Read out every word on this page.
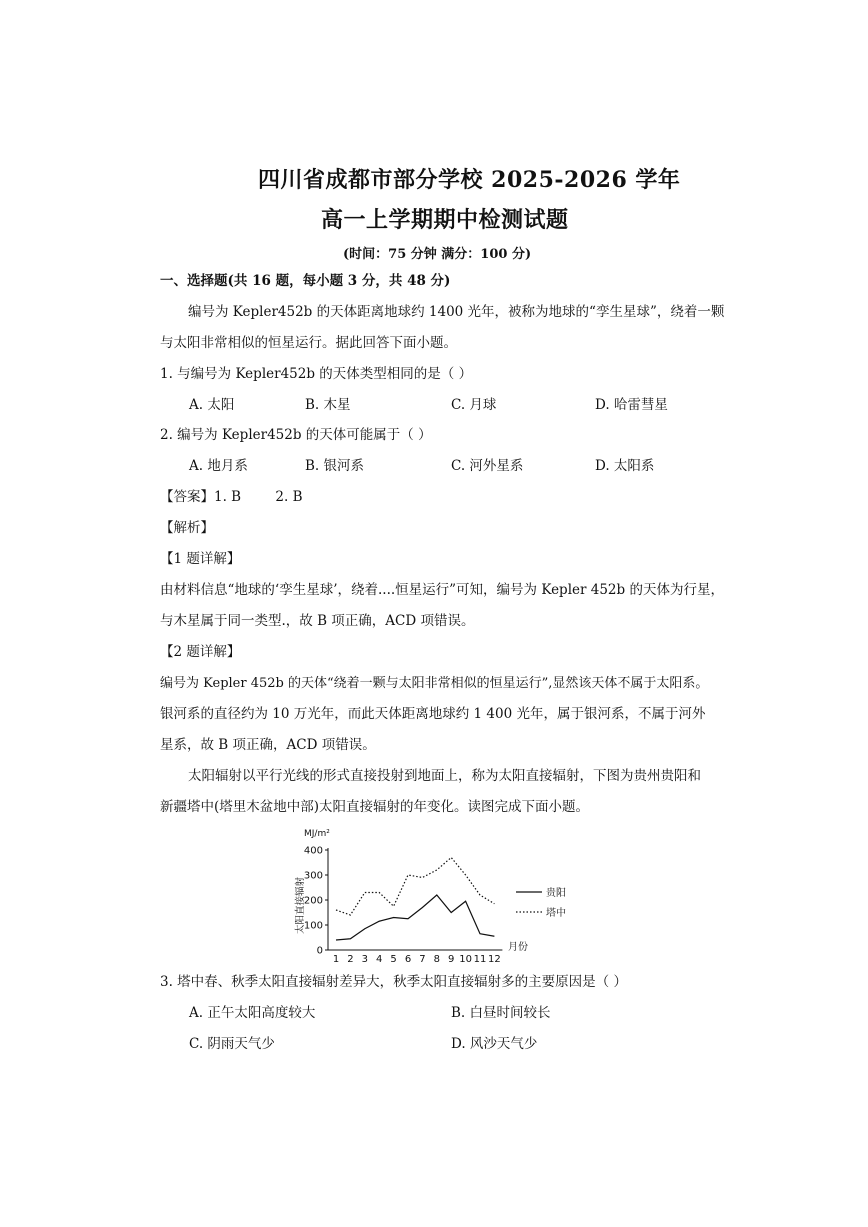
四川省成都市部分学校 2025-2026 学年
高一上学期期中检测试题
(时间：75 分钟 满分：100 分)
一、选择题(共 16 题，每小题 3 分，共 48 分)
编号为 Kepler452b 的天体距离地球约 1400 光年，被称为地球的“孪生星球”，绕着一颗
与太阳非常相似的恒星运行。据此回答下面小题。
1. 与编号为 Kepler452b 的天体类型相同的是（ ）
A. 太阳	B. 木星	C. 月球	D. 哈雷彗星
2. 编号为 Kepler452b 的天体可能属于（ ）
A. 地月系	B. 银河系	C. 河外星系	D. 太阳系
【答案】1. B        2. B
【解析】
【1 题详解】
由材料信息“地球的‘孪生星球’，绕着....恒星运行”可知，编号为 Kepler 452b 的天体为行星，
与木星属于同一类型.，故 B 项正确，ACD 项错误。
【2 题详解】
编号为 Kepler 452b 的天体“绕着一颗与太阳非常相似的恒星运行”,显然该天体不属于太阳系。
银河系的直径约为 10 万光年，而此天体距离地球约 1 400 光年，属于银河系，不属于河外
星系，故 B 项正确，ACD 项错误。
太阳辐射以平行光线的形式直接投射到地面上，称为太阳直接辐射，下图为贵州贵阳和
新疆塔中(塔里木盆地中部)太阳直接辐射的年变化。读图完成下面小题。
MJ/m²
太阳直接辐射
0
100
200
300
400
1 2 3 4 5 6 7 8 9 10 11 12
月份
贵阳
塔中
3. 塔中春、秋季太阳直接辐射差异大，秋季太阳直接辐射多的主要原因是（ ）
A. 正午太阳高度较大	B. 白昼时间较长
C. 阴雨天气少	D. 风沙天气少
